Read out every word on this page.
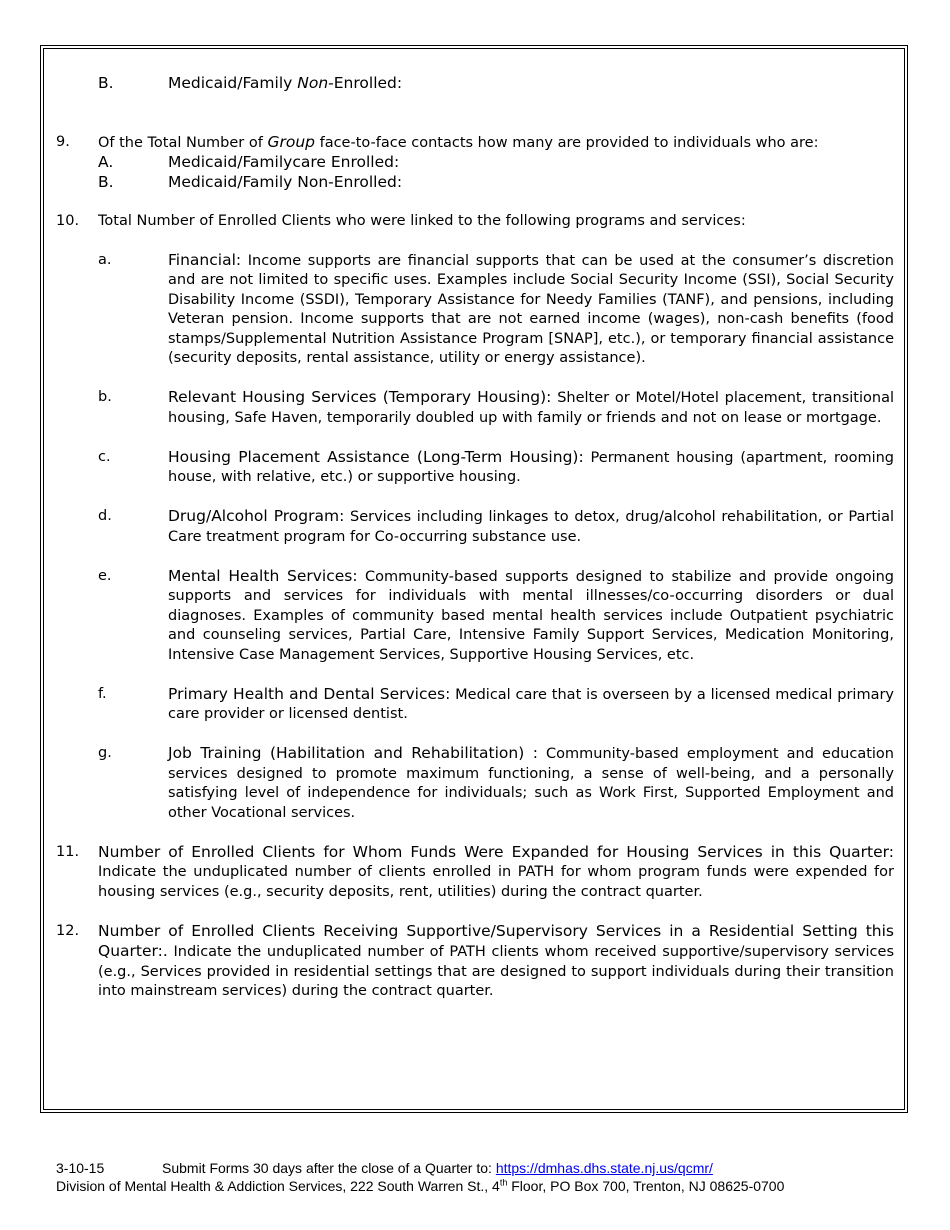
B.	Medicaid/Family Non-Enrolled:
9.	Of the Total Number of Group face-to-face contacts how many are provided to individuals who are:
A.	Medicaid/Familycare Enrolled:
B.	Medicaid/Family Non-Enrolled:
10.	Total Number of Enrolled Clients who were linked to the following programs and services:
a.	Financial: Income supports are financial supports that can be used at the consumer’s discretion and are not limited to specific uses. Examples include Social Security Income (SSI), Social Security Disability Income (SSDI), Temporary Assistance for Needy Families (TANF), and pensions, including Veteran pension. Income supports that are not earned income (wages), non-cash benefits (food stamps/Supplemental Nutrition Assistance Program [SNAP], etc.), or temporary financial assistance (security deposits, rental assistance, utility or energy assistance).
b.	Relevant Housing Services (Temporary Housing): Shelter or Motel/Hotel placement, transitional housing, Safe Haven, temporarily doubled up with family or friends and not on lease or mortgage.
c.	Housing Placement Assistance (Long-Term Housing): Permanent housing (apartment, rooming house, with relative, etc.) or supportive housing.
d.	Drug/Alcohol Program: Services including linkages to detox, drug/alcohol rehabilitation, or Partial Care treatment program for Co-occurring substance use.
e.	Mental Health Services: Community-based supports designed to stabilize and provide ongoing supports and services for individuals with mental illnesses/co-occurring disorders or dual diagnoses. Examples of community based mental health services include Outpatient psychiatric and counseling services, Partial Care, Intensive Family Support Services, Medication Monitoring, Intensive Case Management Services, Supportive Housing Services, etc.
f.	Primary Health and Dental Services: Medical care that is overseen by a licensed medical primary care provider or licensed dentist.
g.	Job Training (Habilitation and Rehabilitation) : Community-based employment and education services designed to promote maximum functioning, a sense of well-being, and a personally satisfying level of independence for individuals; such as Work First, Supported Employment and other Vocational services.
11.	Number of Enrolled Clients for Whom Funds Were Expanded for Housing Services in this Quarter: Indicate the unduplicated number of clients enrolled in PATH for whom program funds were expended for housing services (e.g., security deposits, rent, utilities) during the contract quarter.
12.	Number of Enrolled Clients Receiving Supportive/Supervisory Services in a Residential Setting this Quarter:. Indicate the unduplicated number of PATH clients whom received supportive/supervisory services (e.g., Services provided in residential settings that are designed to support individuals during their transition into mainstream services) during the contract quarter.
3-10-15	Submit Forms 30 days after the close of a Quarter to: https://dmhas.dhs.state.nj.us/qcmr/
Division of Mental Health & Addiction Services, 222 South Warren St., 4th Floor, PO Box 700, Trenton, NJ 08625-0700
